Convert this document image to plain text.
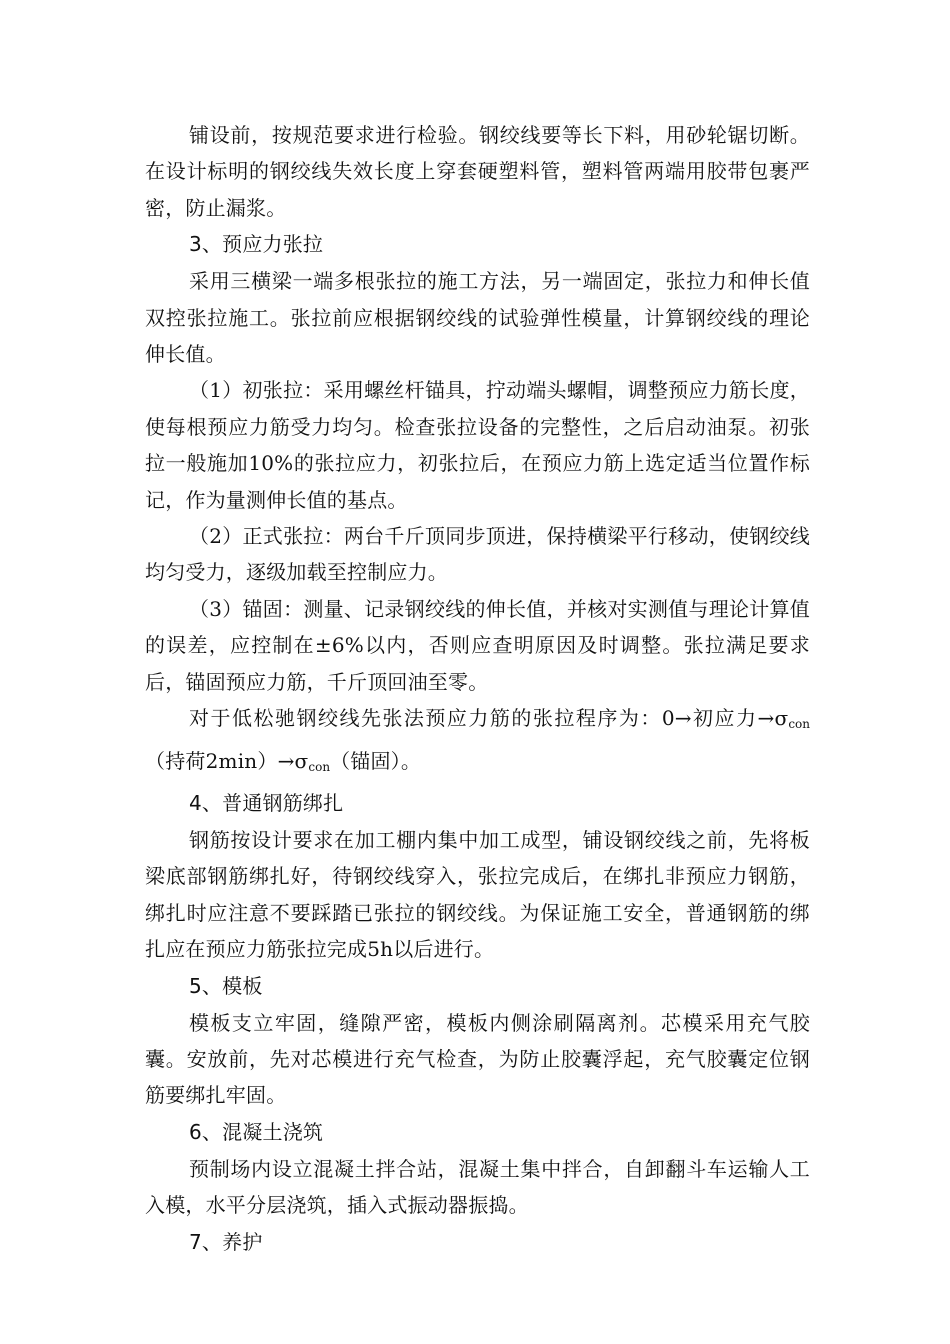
铺设前，按规范要求进行检验。钢绞线要等长下料，用砂轮锯切断。在设计标明的钢绞线失效长度上穿套硬塑料管，塑料管两端用胶带包裹严密，防止漏浆。

3、预应力张拉

采用三横梁一端多根张拉的施工方法，另一端固定，张拉力和伸长值双控张拉施工。张拉前应根据钢绞线的试验弹性模量，计算钢绞线的理论伸长值。

（1）初张拉：采用螺丝杆锚具，拧动端头螺帽，调整预应力筋长度，使每根预应力筋受力均匀。检查张拉设备的完整性，之后启动油泵。初张拉一般施加10%的张拉应力，初张拉后，在预应力筋上选定适当位置作标记，作为量测伸长值的基点。

（2）正式张拉：两台千斤顶同步顶进，保持横梁平行移动，使钢绞线均匀受力，逐级加载至控制应力。

（3）锚固：测量、记录钢绞线的伸长值，并核对实测值与理论计算值的误差，应控制在±6%以内，否则应查明原因及时调整。张拉满足要求后，锚固预应力筋，千斤顶回油至零。

对于低松驰钢绞线先张法预应力筋的张拉程序为：0→初应力$\to\sigma_{con}$（持荷$2\min)\to\sigma_{con}$（锚固）。

4、普通钢筋绑扎

钢筋按设计要求在加工棚内集中加工成型，铺设钢绞线之前，先将板梁底部钢筋绑扎好，待钢绞线穿入，张拉完成后，在绑扎非预应力钢筋，绑扎时应注意不要踩踏已张拉的钢绞线。为保证施工安全，普通钢筋的绑扎应在预应力筋张拉完成5h以后进行。

5、模板

模板支立牢固，缝隙严密，模板内侧涂刷隔离剂。芯模采用充气胶囊。安放前，先对芯模进行充气检查，为防止胶囊浮起，充气胶囊定位钢筋要绑扎牢固。

6、混凝土浇筑

预制场内设立混凝土拌合站，混凝土集中拌合，自卸翻斗车运输人工入模，水平分层浇筑，插入式振动器振捣。

7、养护
